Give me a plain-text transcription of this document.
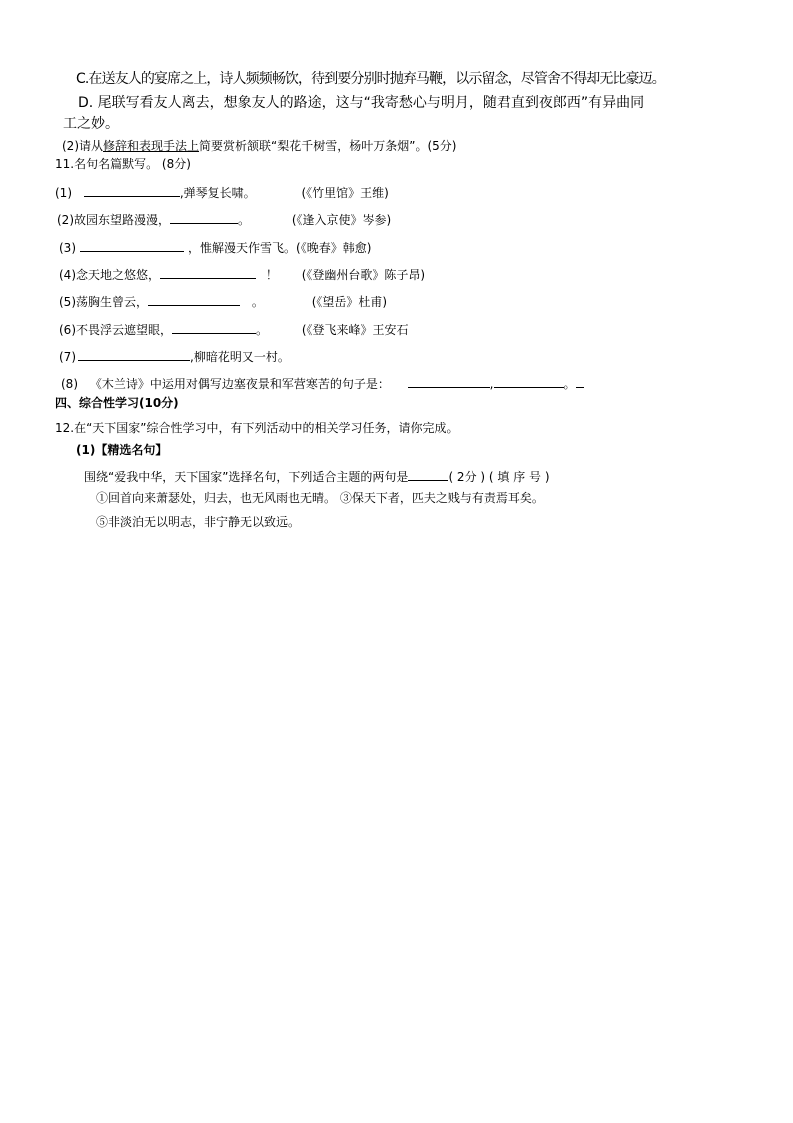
C.在送友人的宴席之上，诗人频频畅饮，待到要分别时抛弃马鞭，以示留念，尽管舍不得却无比豪迈。
D. 尾联写看友人离去，想象友人的路途，这与“我寄愁心与明月，随君直到夜郎西”有异曲同
工之妙。
(2)请从修辞和表现手法上简要赏析颔联“梨花千树雪，杨叶万条烟”。(5分)
11.名句名篇默写。 (8分)
(1)	,弹琴复长啸。	(《竹里馆》王维)
(2)故园东望路漫漫，	。	(《逢入京使》岑参)
(3)	，惟解漫天作雪飞。(《晚春》韩愈)
(4)念天地之悠悠，	！ (《登幽州台歌》陈子昂)
(5)荡胸生曾云，	。	(《望岳》杜甫)
(6)不畏浮云遮望眼，	。	(《登飞来峰》王安石
(7)	,柳暗花明又一村。
(8) 《木兰诗》中运用对偶写边塞夜景和军营寒苦的句子是：	,	。
四、综合性学习(10分)
12.在“天下国家”综合性学习中，有下列活动中的相关学习任务，请你完成。
(1)【精选名句】
围绕“爱我中华，天下国家”选择名句，下列适合主题的两句是	( 2分 ) ( 填 序 号 )
①回首向来萧瑟处，归去，也无风雨也无晴。 ③保天下者，匹夫之贱与有责焉耳矣。
⑤非淡泊无以明志，非宁静无以致远。
